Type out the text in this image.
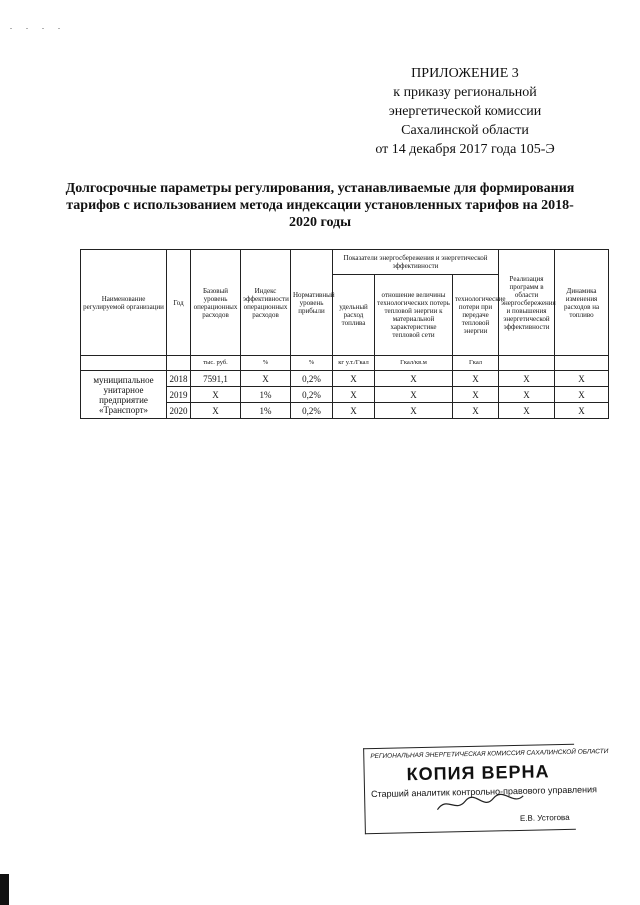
. . . .
ПРИЛОЖЕНИЕ 3
к приказу региональной
энергетической комиссии
Сахалинской области
от 14 декабря 2017 года 105-Э
Долгосрочные параметры регулирования, устанавливаемые для формирования тарифов с использованием метода индексации установленных тарифов на 2018-2020 годы
Наименование регулируемой организации	Год	Базовый уровень операционных расходов	Индекс эффективности операционных расходов	Нормативный уровень прибыли	Показатели энергосбережения и энергетической эффективности			Реализация программ в области энергосбережения и повышения энергетической эффективности	Динамика изменения расходов на топливо
					удельный расход топлива	отношение величины технологических потерь тепловой энергии к материальной характеристике тепловой сети	технологические потери при передаче тепловой энергии		
		тыс. руб.	%	%	кг у.т./Гкал	Гкал/кв.м	Гкал		
муниципальное унитарное предприятие «Транспорт»	2018	7591,1	X	0,2%	X	X	X	X	X
	2019	X	1%	0,2%	X	X	X	X	X
	2020	X	1%	0,2%	X	X	X	X	X
РЕГИОНАЛЬНАЯ ЭНЕРГЕТИЧЕСКАЯ КОМИССИЯ САХАЛИНСКОЙ ОБЛАСТИ
КОПИЯ ВЕРНА
Старший аналитик контрольно-правового управления
Е.В. Устогова
